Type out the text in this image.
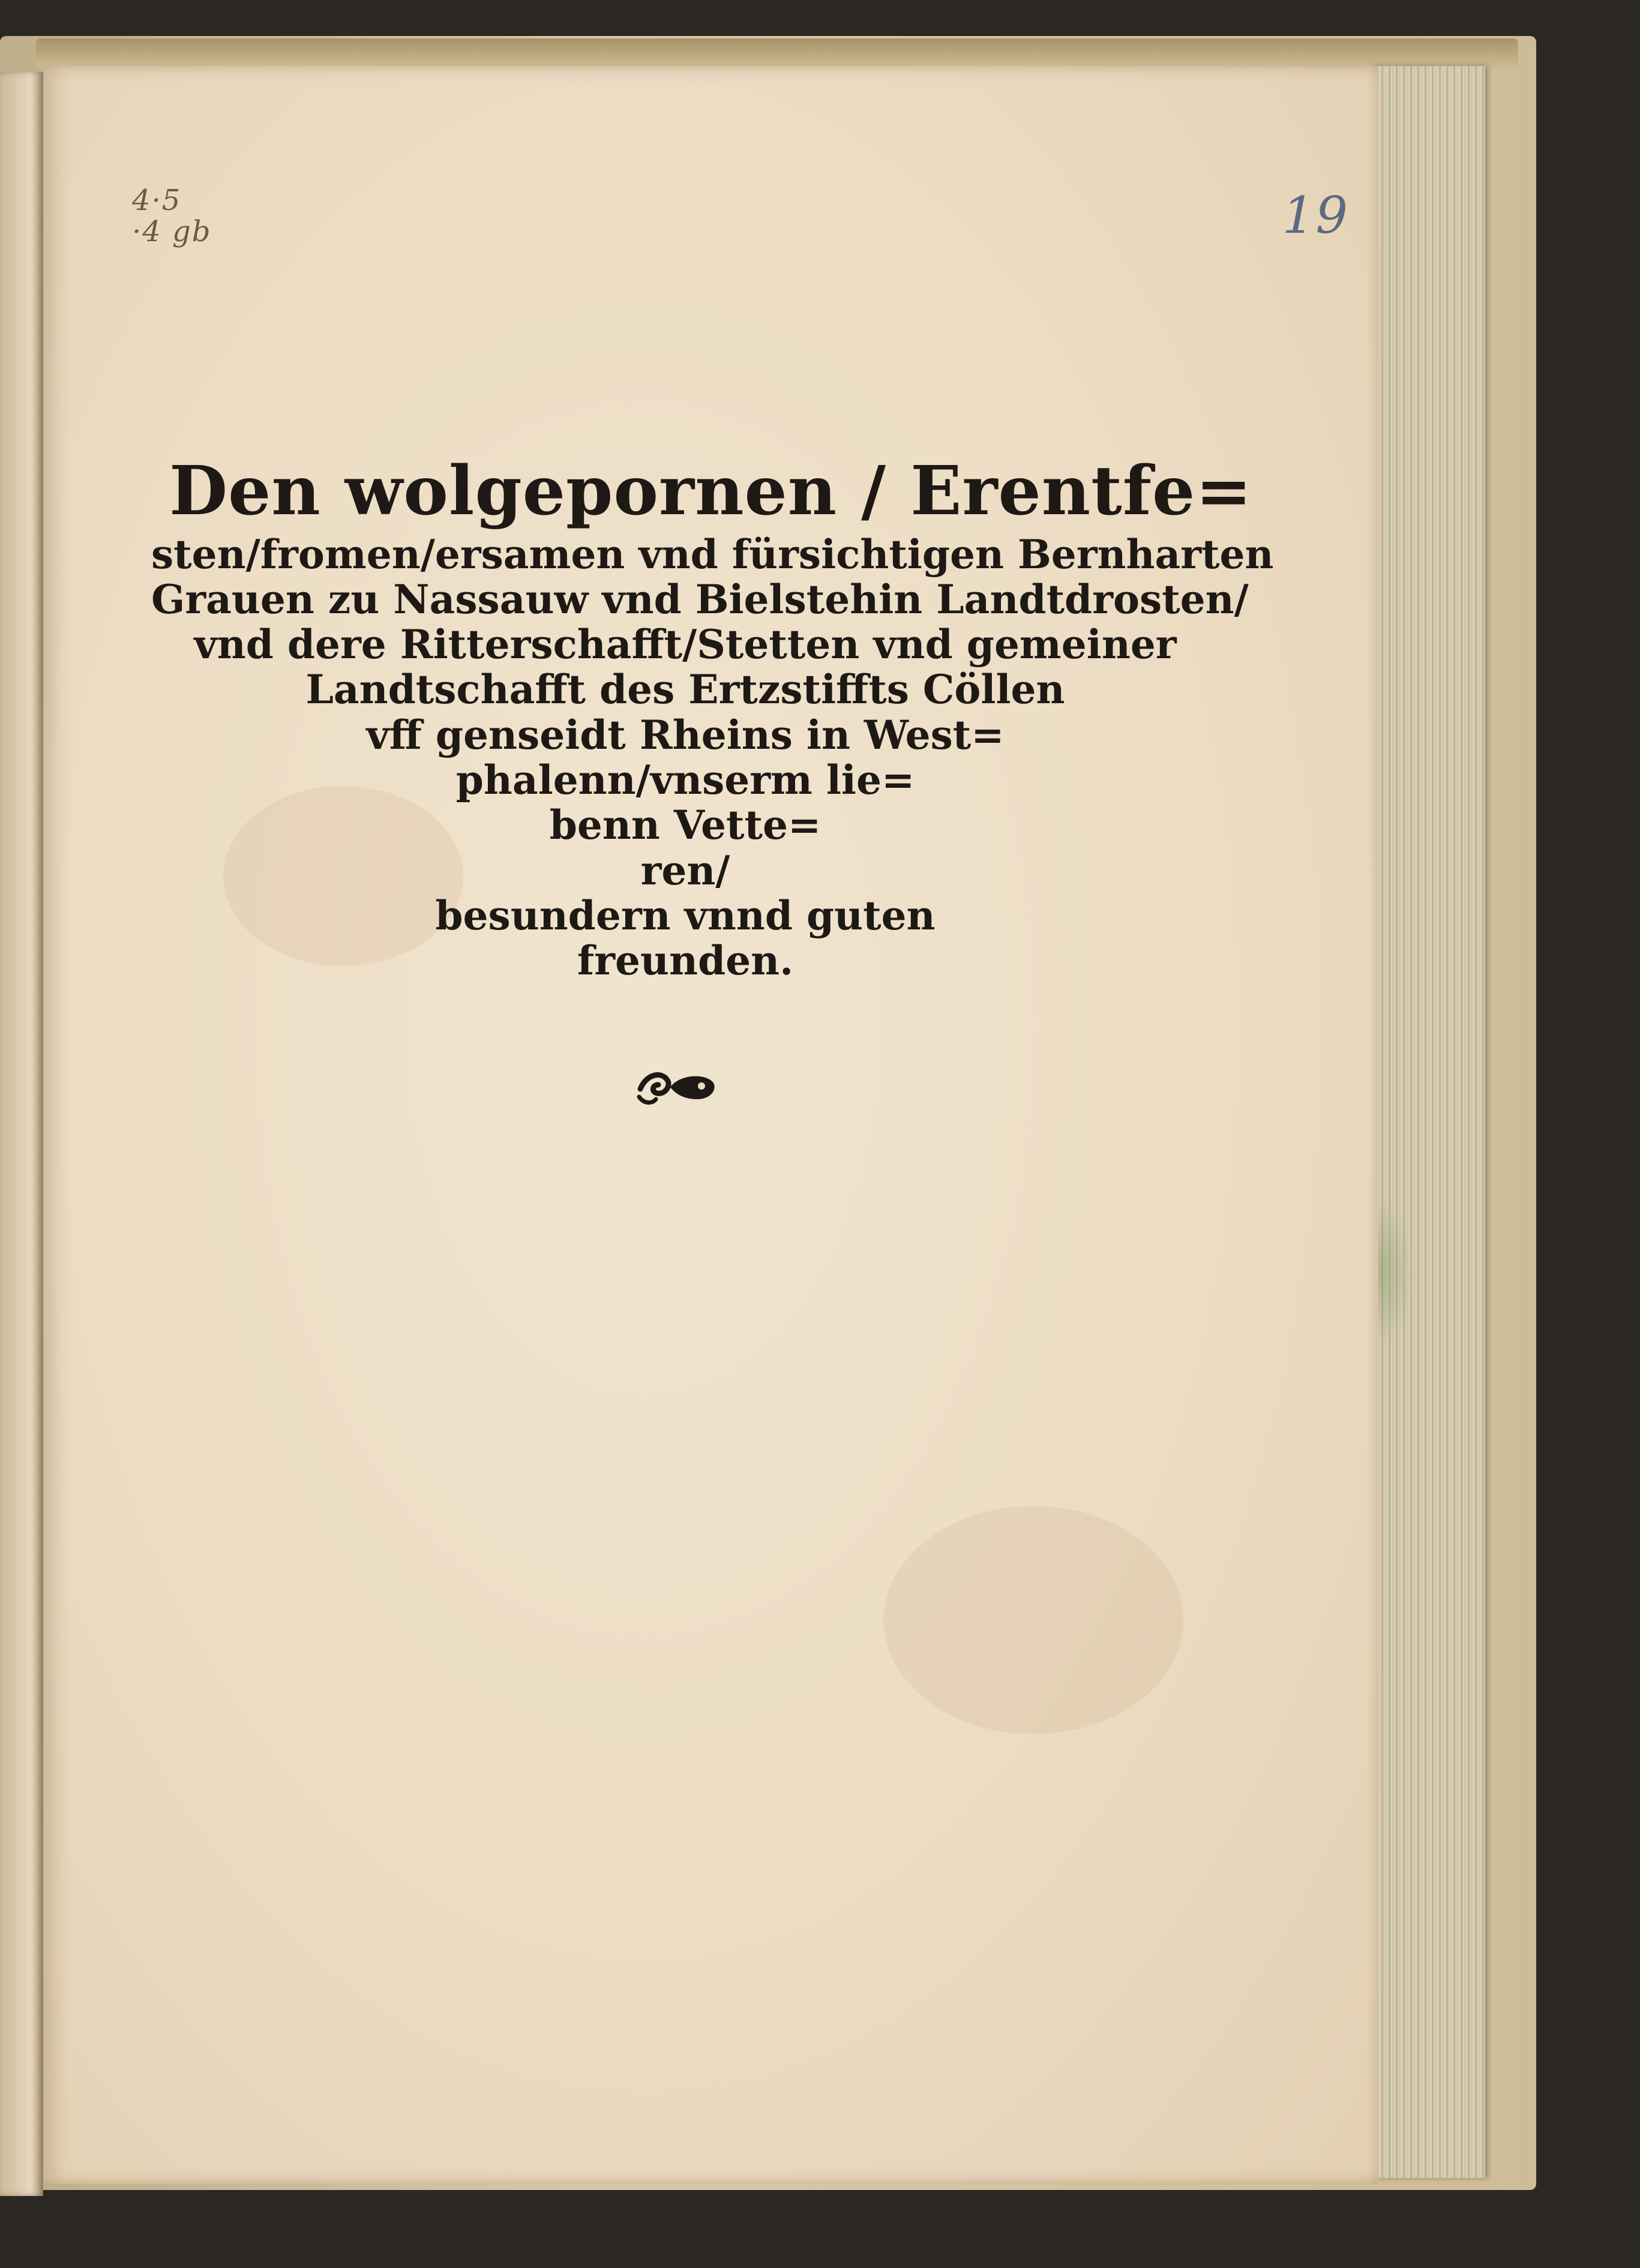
4·5
·4 gb	19
Den wolgepornen / Erentfe=
sten/fromen/ersamen vnd fürsichtigen Bernharten
Grauen zu Nassauw vnd Bielstehin Landtdrosten/
vnd dere Ritterschafft/Stetten vnd gemeiner
Landtschafft des Ertzstiffts Cöllen
vff genseidt Rheins in West=
phalenn/vnserm lie=
benn Vette=
ren/
besundern vnnd guten
freunden.
